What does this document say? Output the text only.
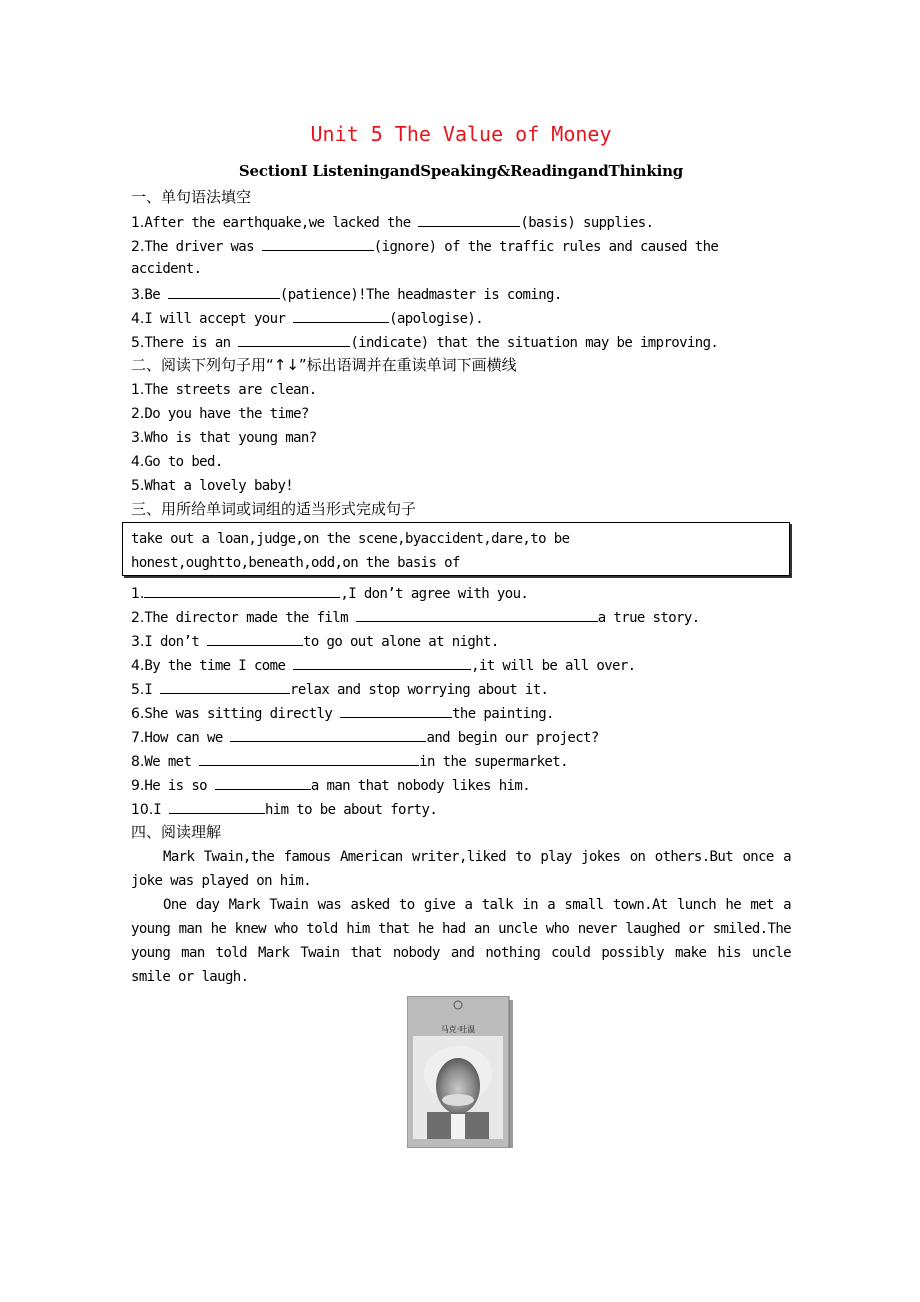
Unit 5 The Value of Money
SectionⅠ ListeningandSpeaking&ReadingandThinking
一、单句语法填空
1.After the earthquake,we lacked the	(basis) supplies.
2.The driver was	(ignore) of the traffic rules and caused the
accident.
3.Be	(patience)!The headmaster is coming.
4.I will accept your	(apologise).
5.There is an	(indicate) that the situation may be improving.
二、阅读下列句子用“↑↓”标出语调并在重读单词下画横线
1.The streets are clean.
2.Do you have the time?
3.Who is that young man?
4.Go to bed.
5.What a lovely baby!
三、用所给单词或词组的适当形式完成句子
take out a loan,judge,on the scene,byaccident,dare,to be
honest,oughtto,beneath,odd,on the basis of
1.	,I don’t agree with you.
2.The director made the film	a true story.
3.I don’t	to go out alone at night.
4.By the time I come	,it will be all over.
5.I	relax and stop worrying about it.
6.She was sitting directly	the painting.
7.How can we	and begin our project?
8.We met	in the supermarket.
9.He is so	a man that nobody likes him.
10.I	him to be about forty.
四、阅读理解
Mark Twain,the famous American writer,liked to play jokes on others.But once a joke was played on him.
One day Mark Twain was asked to give a talk in a small town.At lunch he met a young man he knew who told him that he had an uncle who never laughed or smiled.The young man told Mark Twain that nobody and nothing could possibly make his uncle smile or laugh.
马克·吐温
